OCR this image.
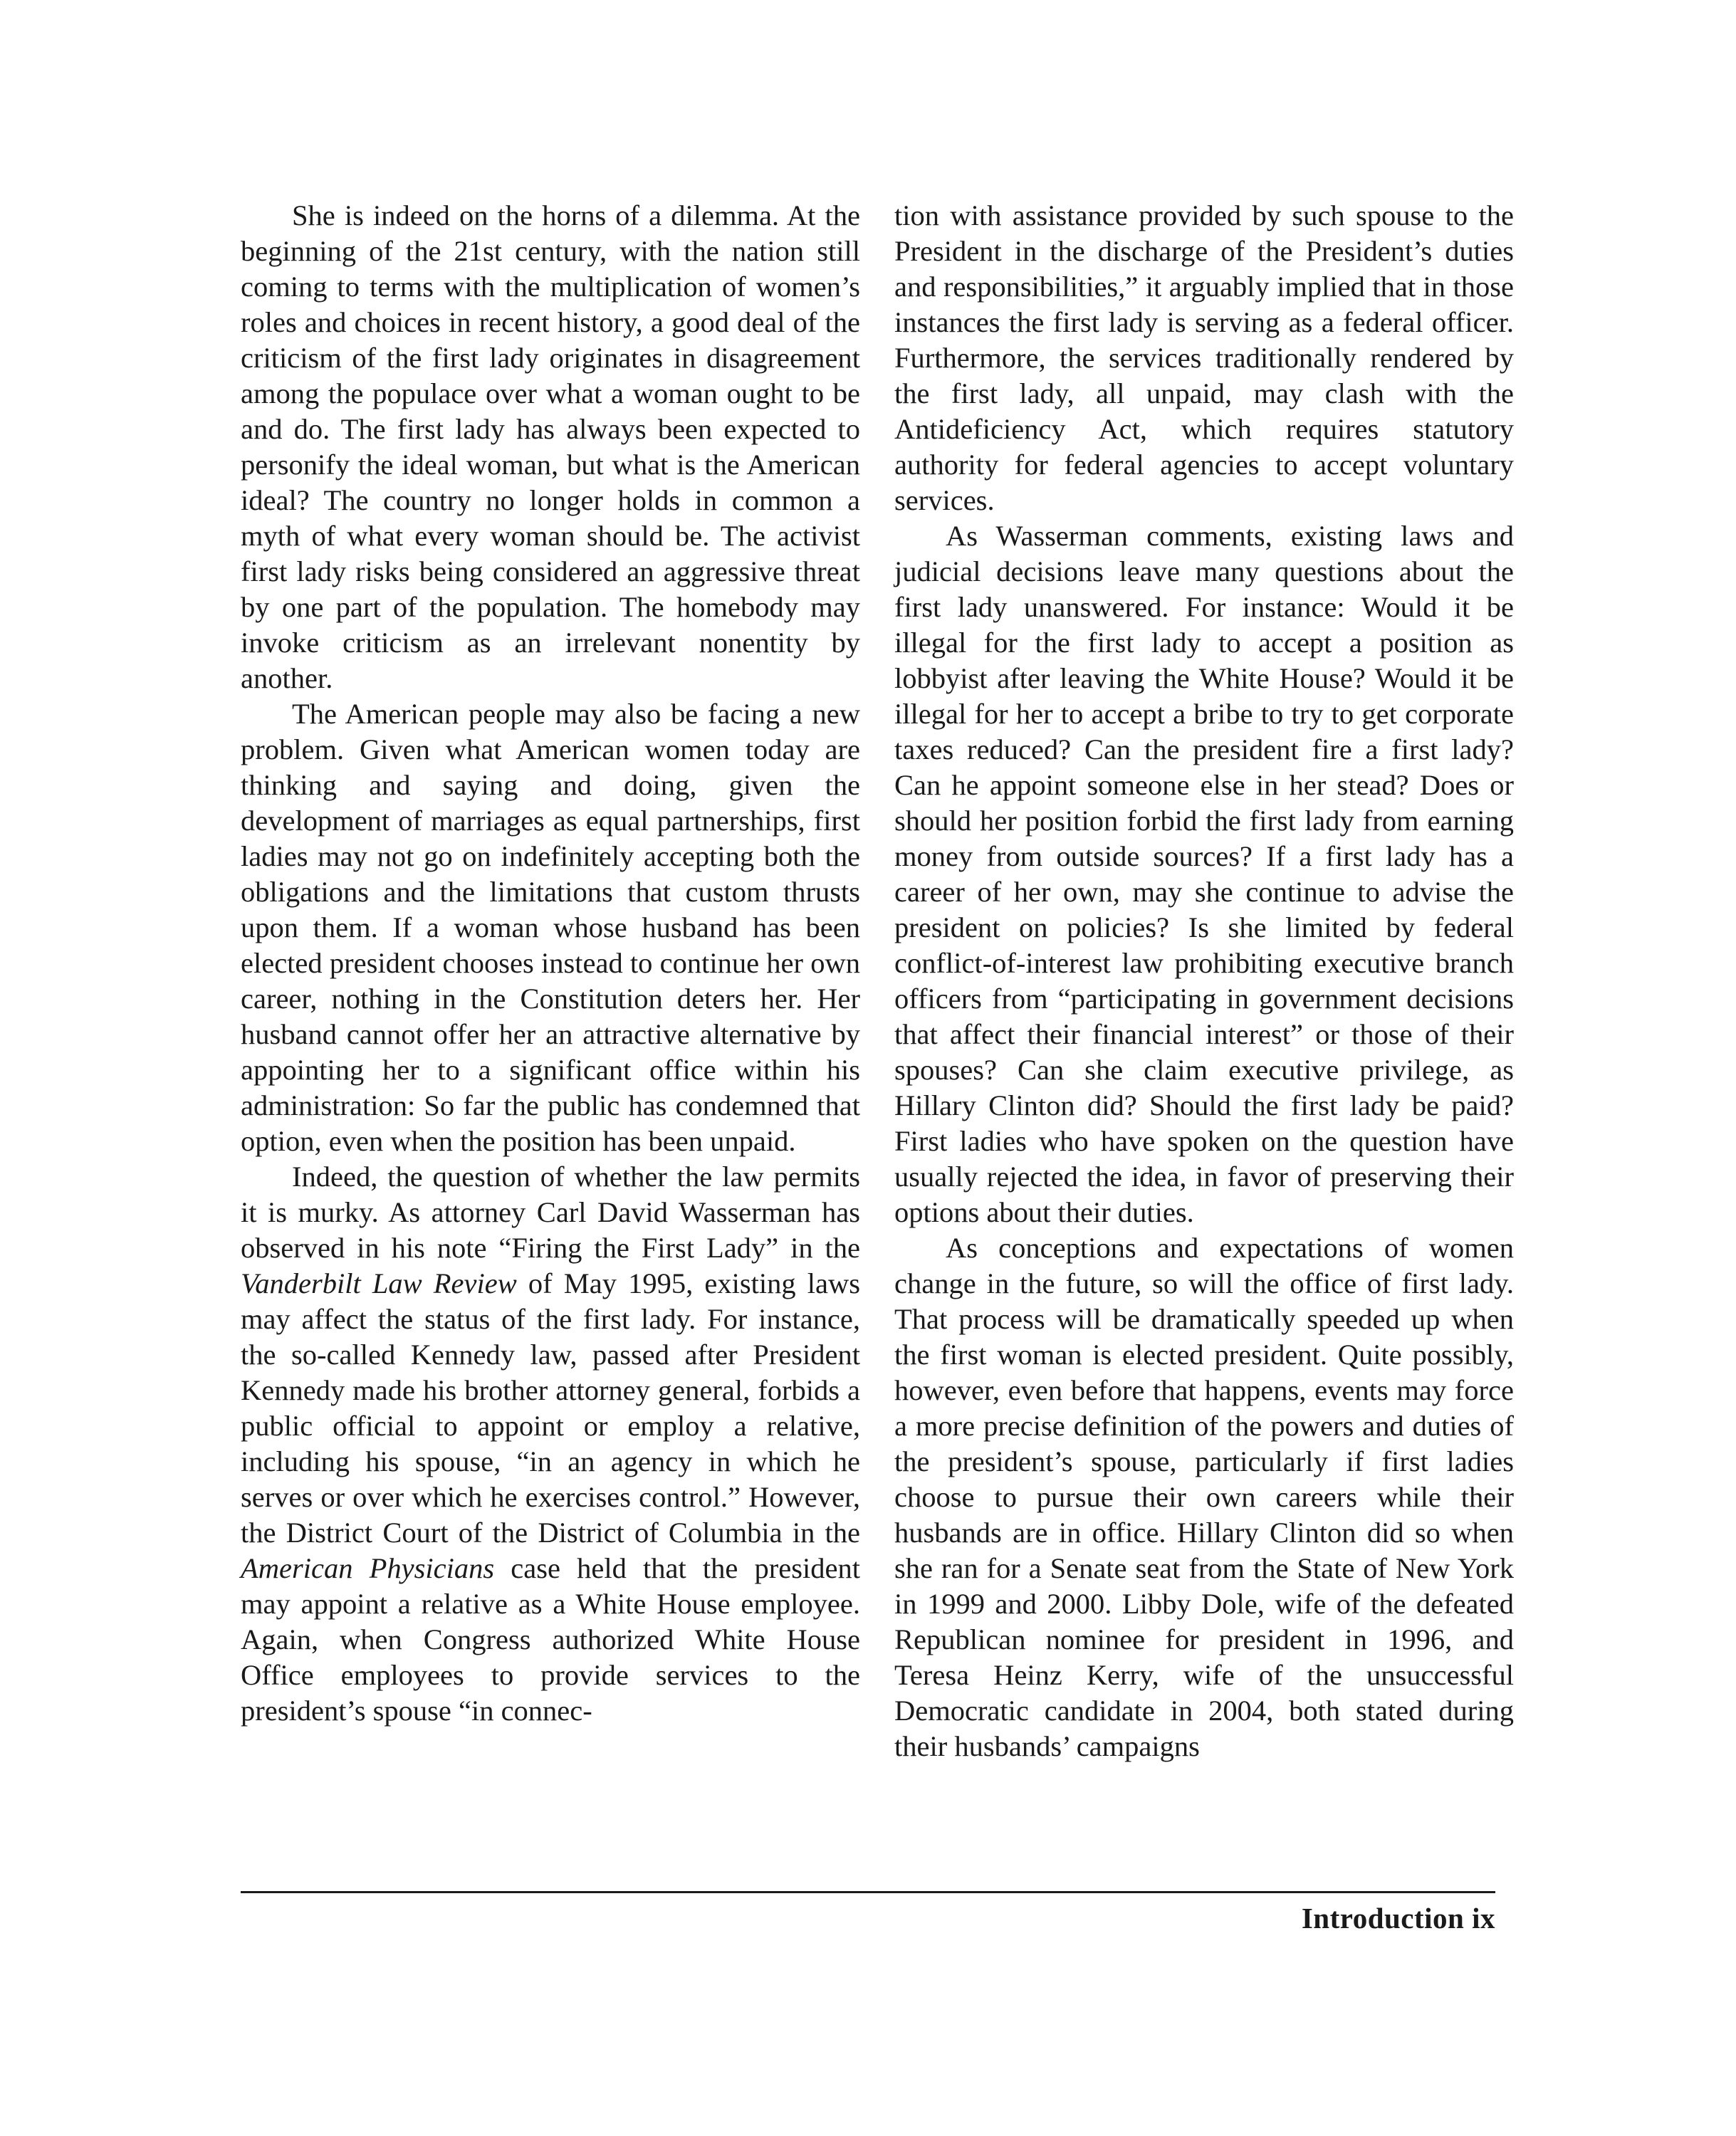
She is indeed on the horns of a dilemma. At the beginning of the 21st century, with the nation still coming to terms with the multiplication of women’s roles and choices in recent history, a good deal of the criticism of the first lady originates in disagreement among the populace over what a woman ought to be and do. The first lady has always been expected to personify the ideal woman, but what is the American ideal? The country no longer holds in common a myth of what every woman should be. The activist first lady risks being considered an aggressive threat by one part of the population. The homebody may invoke criticism as an irrelevant nonentity by another.

The American people may also be facing a new problem. Given what American women today are thinking and saying and doing, given the development of marriages as equal partnerships, first ladies may not go on indefinitely accepting both the obligations and the limitations that custom thrusts upon them. If a woman whose husband has been elected president chooses instead to continue her own career, nothing in the Constitution deters her. Her husband cannot offer her an attractive alternative by appointing her to a significant office within his administration: So far the public has condemned that option, even when the position has been unpaid.

Indeed, the question of whether the law permits it is murky. As attorney Carl David Wasserman has observed in his note “Firing the First Lady” in the Vanderbilt Law Review of May 1995, existing laws may affect the status of the first lady. For instance, the so-called Kennedy law, passed after President Kennedy made his brother attorney general, forbids a public official to appoint or employ a relative, including his spouse, “in an agency in which he serves or over which he exercises control.” However, the District Court of the District of Columbia in the American Physicians case held that the president may appoint a relative as a White House employee. Again, when Congress authorized White House Office employees to provide services to the president’s spouse “in connec-

tion with assistance provided by such spouse to the President in the discharge of the President’s duties and responsibilities,” it arguably implied that in those instances the first lady is serving as a federal officer. Furthermore, the services traditionally rendered by the first lady, all unpaid, may clash with the Antideficiency Act, which requires statutory authority for federal agencies to accept voluntary services.

As Wasserman comments, existing laws and judicial decisions leave many questions about the first lady unanswered. For instance: Would it be illegal for the first lady to accept a position as lobbyist after leaving the White House? Would it be illegal for her to accept a bribe to try to get corporate taxes reduced? Can the president fire a first lady? Can he appoint someone else in her stead? Does or should her position forbid the first lady from earning money from outside sources? If a first lady has a career of her own, may she continue to advise the president on policies? Is she limited by federal conflict-of-interest law prohibiting executive branch officers from “participating in government decisions that affect their financial interest” or those of their spouses? Can she claim executive privilege, as Hillary Clinton did? Should the first lady be paid? First ladies who have spoken on the question have usually rejected the idea, in favor of preserving their options about their duties.

As conceptions and expectations of women change in the future, so will the office of first lady. That process will be dramatically speeded up when the first woman is elected president. Quite possibly, however, even before that happens, events may force a more precise definition of the powers and duties of the president’s spouse, particularly if first ladies choose to pursue their own careers while their husbands are in office. Hillary Clinton did so when she ran for a Senate seat from the State of New York in 1999 and 2000. Libby Dole, wife of the defeated Republican nominee for president in 1996, and Teresa Heinz Kerry, wife of the unsuccessful Democratic candidate in 2004, both stated during their husbands’ campaigns

Introduction ix
